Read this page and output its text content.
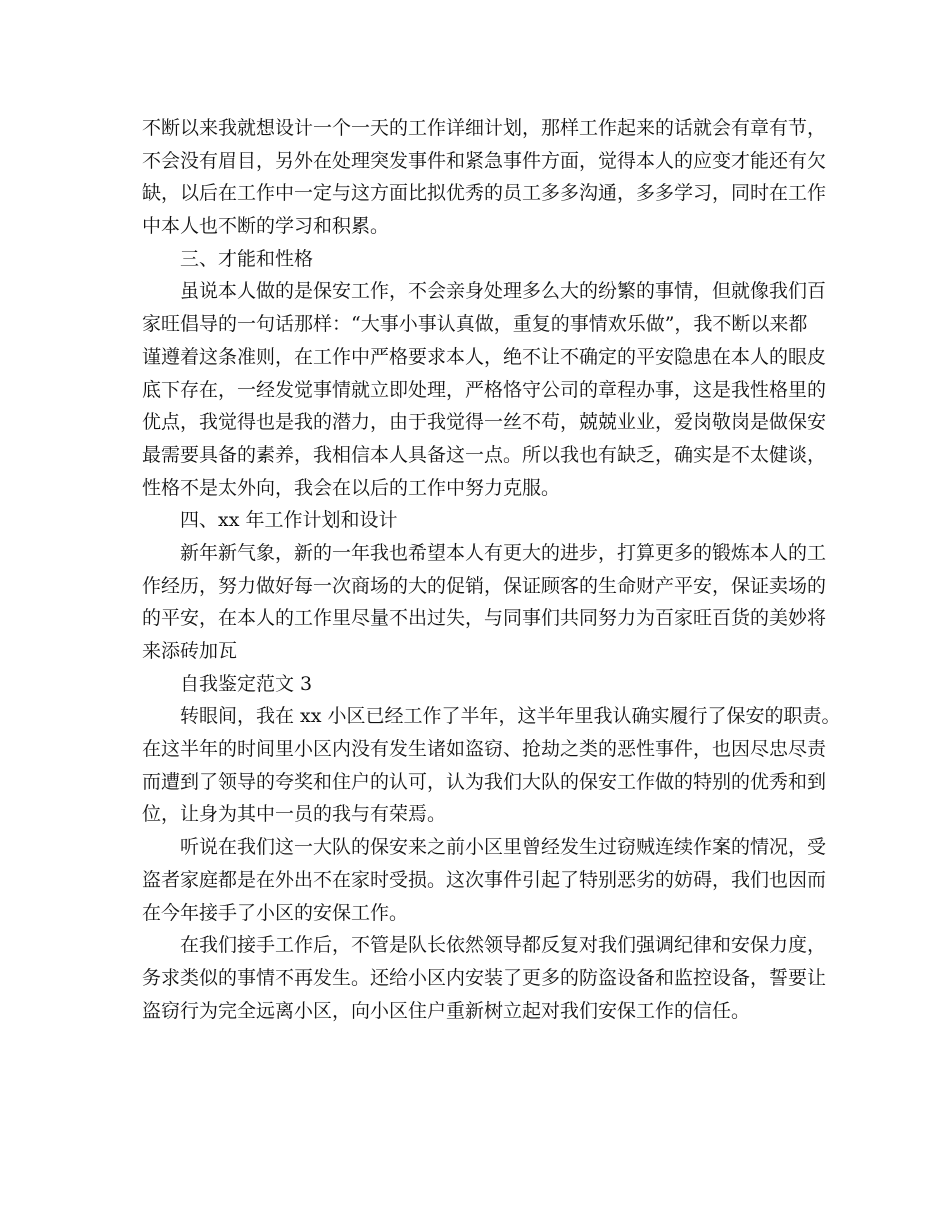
不断以来我就想设计一个一天的工作详细计划，那样工作起来的话就会有章有节，
不会没有眉目，另外在处理突发事件和紧急事件方面，觉得本人的应变才能还有欠
缺，以后在工作中一定与这方面比拟优秀的员工多多沟通，多多学习，同时在工作
中本人也不断的学习和积累。
三、才能和性格
虽说本人做的是保安工作，不会亲身处理多么大的纷繁的事情，但就像我们百
家旺倡导的一句话那样：“大事小事认真做，重复的事情欢乐做”，我不断以来都
谨遵着这条准则，在工作中严格要求本人，绝不让不确定的平安隐患在本人的眼皮
底下存在，一经发觉事情就立即处理，严格恪守公司的章程办事，这是我性格里的
优点，我觉得也是我的潜力，由于我觉得一丝不苟，兢兢业业，爱岗敬岗是做保安
最需要具备的素养，我相信本人具备这一点。所以我也有缺乏，确实是不太健谈，
性格不是太外向，我会在以后的工作中努力克服。
四、xx 年工作计划和设计
新年新气象，新的一年我也希望本人有更大的进步，打算更多的锻炼本人的工
作经历，努力做好每一次商场的大的促销，保证顾客的生命财产平安，保证卖场的
的平安，在本人的工作里尽量不出过失，与同事们共同努力为百家旺百货的美妙将
来添砖加瓦
自我鉴定范文 3
转眼间，我在 xx 小区已经工作了半年，这半年里我认确实履行了保安的职责。
在这半年的时间里小区内没有发生诸如盗窃、抢劫之类的恶性事件，也因尽忠尽责
而遭到了领导的夸奖和住户的认可，认为我们大队的保安工作做的特别的优秀和到
位，让身为其中一员的我与有荣焉。
听说在我们这一大队的保安来之前小区里曾经发生过窃贼连续作案的情况，受
盗者家庭都是在外出不在家时受损。这次事件引起了特别恶劣的妨碍，我们也因而
在今年接手了小区的安保工作。
在我们接手工作后，不管是队长依然领导都反复对我们强调纪律和安保力度，
务求类似的事情不再发生。还给小区内安装了更多的防盗设备和监控设备，誓要让
盗窃行为完全远离小区，向小区住户重新树立起对我们安保工作的信任。
